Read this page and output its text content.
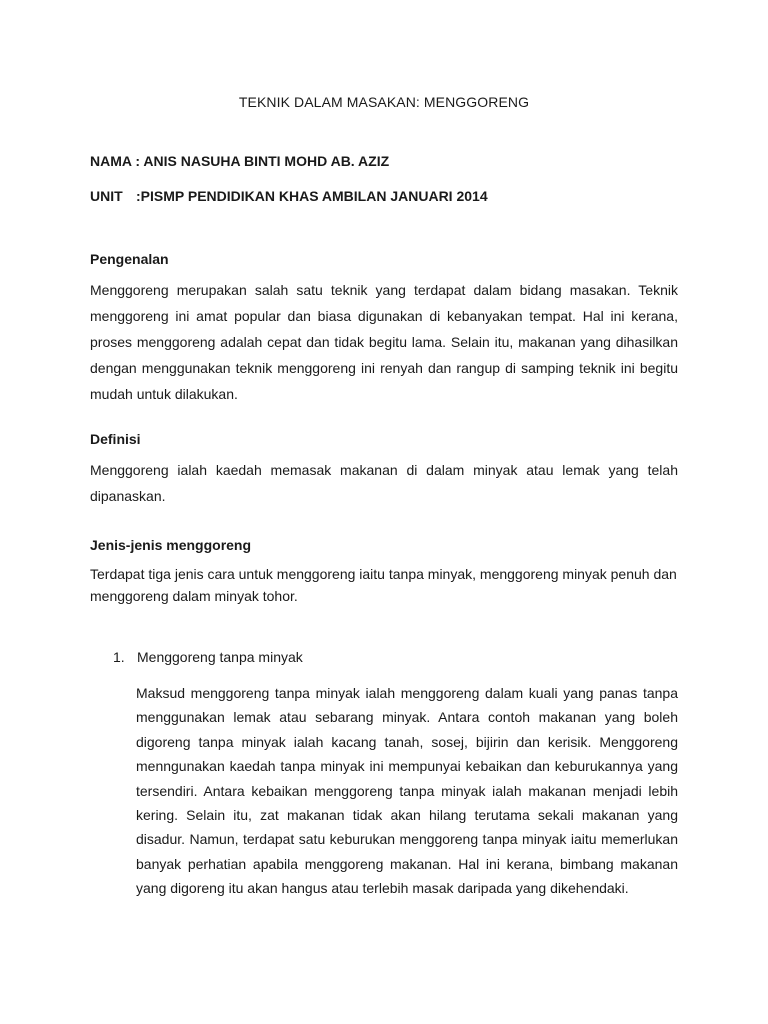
TEKNIK DALAM MASAKAN: MENGGORENG
NAMA : ANIS NASUHA BINTI MOHD AB. AZIZ
UNIT :PISMP PENDIDIKAN KHAS AMBILAN JANUARI 2014
Pengenalan
Menggoreng merupakan salah satu teknik yang terdapat dalam bidang masakan. Teknik
menggoreng ini amat popular dan biasa digunakan di kebanyakan tempat. Hal ini kerana,
proses menggoreng adalah cepat dan tidak begitu lama. Selain itu, makanan yang dihasilkan
dengan menggunakan teknik menggoreng ini renyah dan rangup di samping teknik ini begitu
mudah untuk dilakukan.
Definisi
Menggoreng ialah kaedah memasak makanan di dalam minyak atau lemak yang telah
dipanaskan.
Jenis-jenis menggoreng
Terdapat tiga jenis cara untuk menggoreng iaitu tanpa minyak, menggoreng minyak penuh dan
menggoreng dalam minyak tohor.
1. Menggoreng tanpa minyak
Maksud menggoreng tanpa minyak ialah menggoreng dalam kuali yang panas tanpa
menggunakan lemak atau sebarang minyak. Antara contoh makanan yang boleh
digoreng tanpa minyak ialah kacang tanah, sosej, bijirin dan kerisik. Menggoreng
menngunakan kaedah tanpa minyak ini mempunyai kebaikan dan keburukannya yang
tersendiri. Antara kebaikan menggoreng tanpa minyak ialah makanan menjadi lebih
kering. Selain itu, zat makanan tidak akan hilang terutama sekali makanan yang
disadur. Namun, terdapat satu keburukan menggoreng tanpa minyak iaitu memerlukan
banyak perhatian apabila menggoreng makanan. Hal ini kerana, bimbang makanan
yang digoreng itu akan hangus atau terlebih masak daripada yang dikehendaki.
